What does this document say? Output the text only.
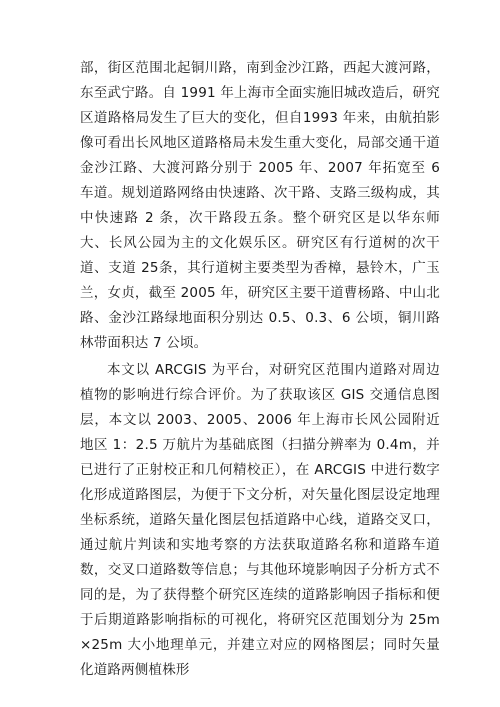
部，街区范围北起铜川路，南到金沙江路，西起大渡河路，东至武宁路。自 1991 年上海市全面实施旧城改造后，研究区道路格局发生了巨大的变化，但自1993 年来，由航拍影像可看出长风地区道路格局未发生重大变化，局部交通干道金沙江路、大渡河路分别于 2005 年、2007 年拓宽至 6 车道。规划道路网络由快速路、次干路、支路三级构成，其中快速路 2 条，次干路段五条。整个研究区是以华东师大、长风公园为主的文化娱乐区。研究区有行道树的次干道、支道 25条，其行道树主要类型为香樟，悬铃木，广玉兰，女贞，截至 2005 年，研究区主要干道曹杨路、中山北路、金沙江路绿地面积分别达 0.5、0.3、6 公顷，铜川路林带面积达 7 公顷。

本文以 ARCGIS 为平台，对研究区范围内道路对周边植物的影响进行综合评价。为了获取该区 GIS 交通信息图层，本文以 2003、2005、2006 年上海市长风公园附近地区 1：2.5 万航片为基础底图（扫描分辨率为 0.4m，并已进行了正射校正和几何精校正），在 ARCGIS 中进行数字化形成道路图层，为便于下文分析，对矢量化图层设定地理坐标系统，道路矢量化图层包括道路中心线，道路交叉口，通过航片判读和实地考察的方法获取道路名称和道路车道数，交叉口道路数等信息；与其他环境影响因子分析方式不同的是，为了获得整个研究区连续的道路影响因子指标和便于后期道路影响指标的可视化，将研究区范围划分为 25m×25m 大小地理单元，并建立对应的网格图层；同时矢量化道路两侧植株形
